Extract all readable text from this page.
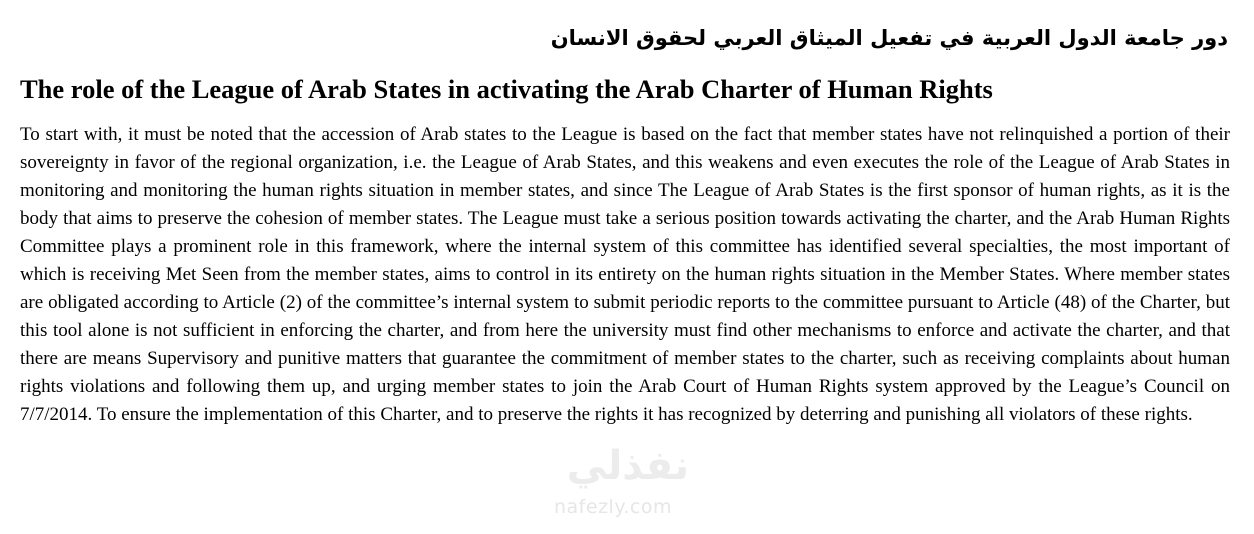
دور جامعة الدول العربية في تفعيل الميثاق العربي لحقوق الانسان
The role of the League of Arab States in activating the Arab Charter of Human Rights

To start with, it must be noted that the accession of Arab states to the League is based on the fact that member states have not relinquished a portion of their sovereignty in favor of the regional organization, i.e. the League of Arab States, and this weakens and even executes the role of the League of Arab States in monitoring and monitoring the human rights situation in member states, and since The League of Arab States is the first sponsor of human rights, as it is the body that aims to preserve the cohesion of member states. The League must take a serious position towards activating the charter, and the Arab Human Rights Committee plays a prominent role in this framework, where the internal system of this committee has identified several specialties, the most important of which is receiving Met Seen from the member states, aims to control in its entirety on the human rights situation in the Member States. Where member states are obligated according to Article (2) of the committee’s internal system to submit periodic reports to the committee pursuant to Article (48) of the Charter, but this tool alone is not sufficient in enforcing the charter, and from here the university must find other mechanisms to enforce and activate the charter, and that there are means Supervisory and punitive matters that guarantee the commitment of member states to the charter, such as receiving complaints about human rights violations and following them up, and urging member states to join the Arab Court of Human Rights system approved by the League’s Council on 7/7/2014. To ensure the implementation of this Charter, and to preserve the rights it has recognized by deterring and punishing all violators of these rights.

نفذلي
nafezly.com
